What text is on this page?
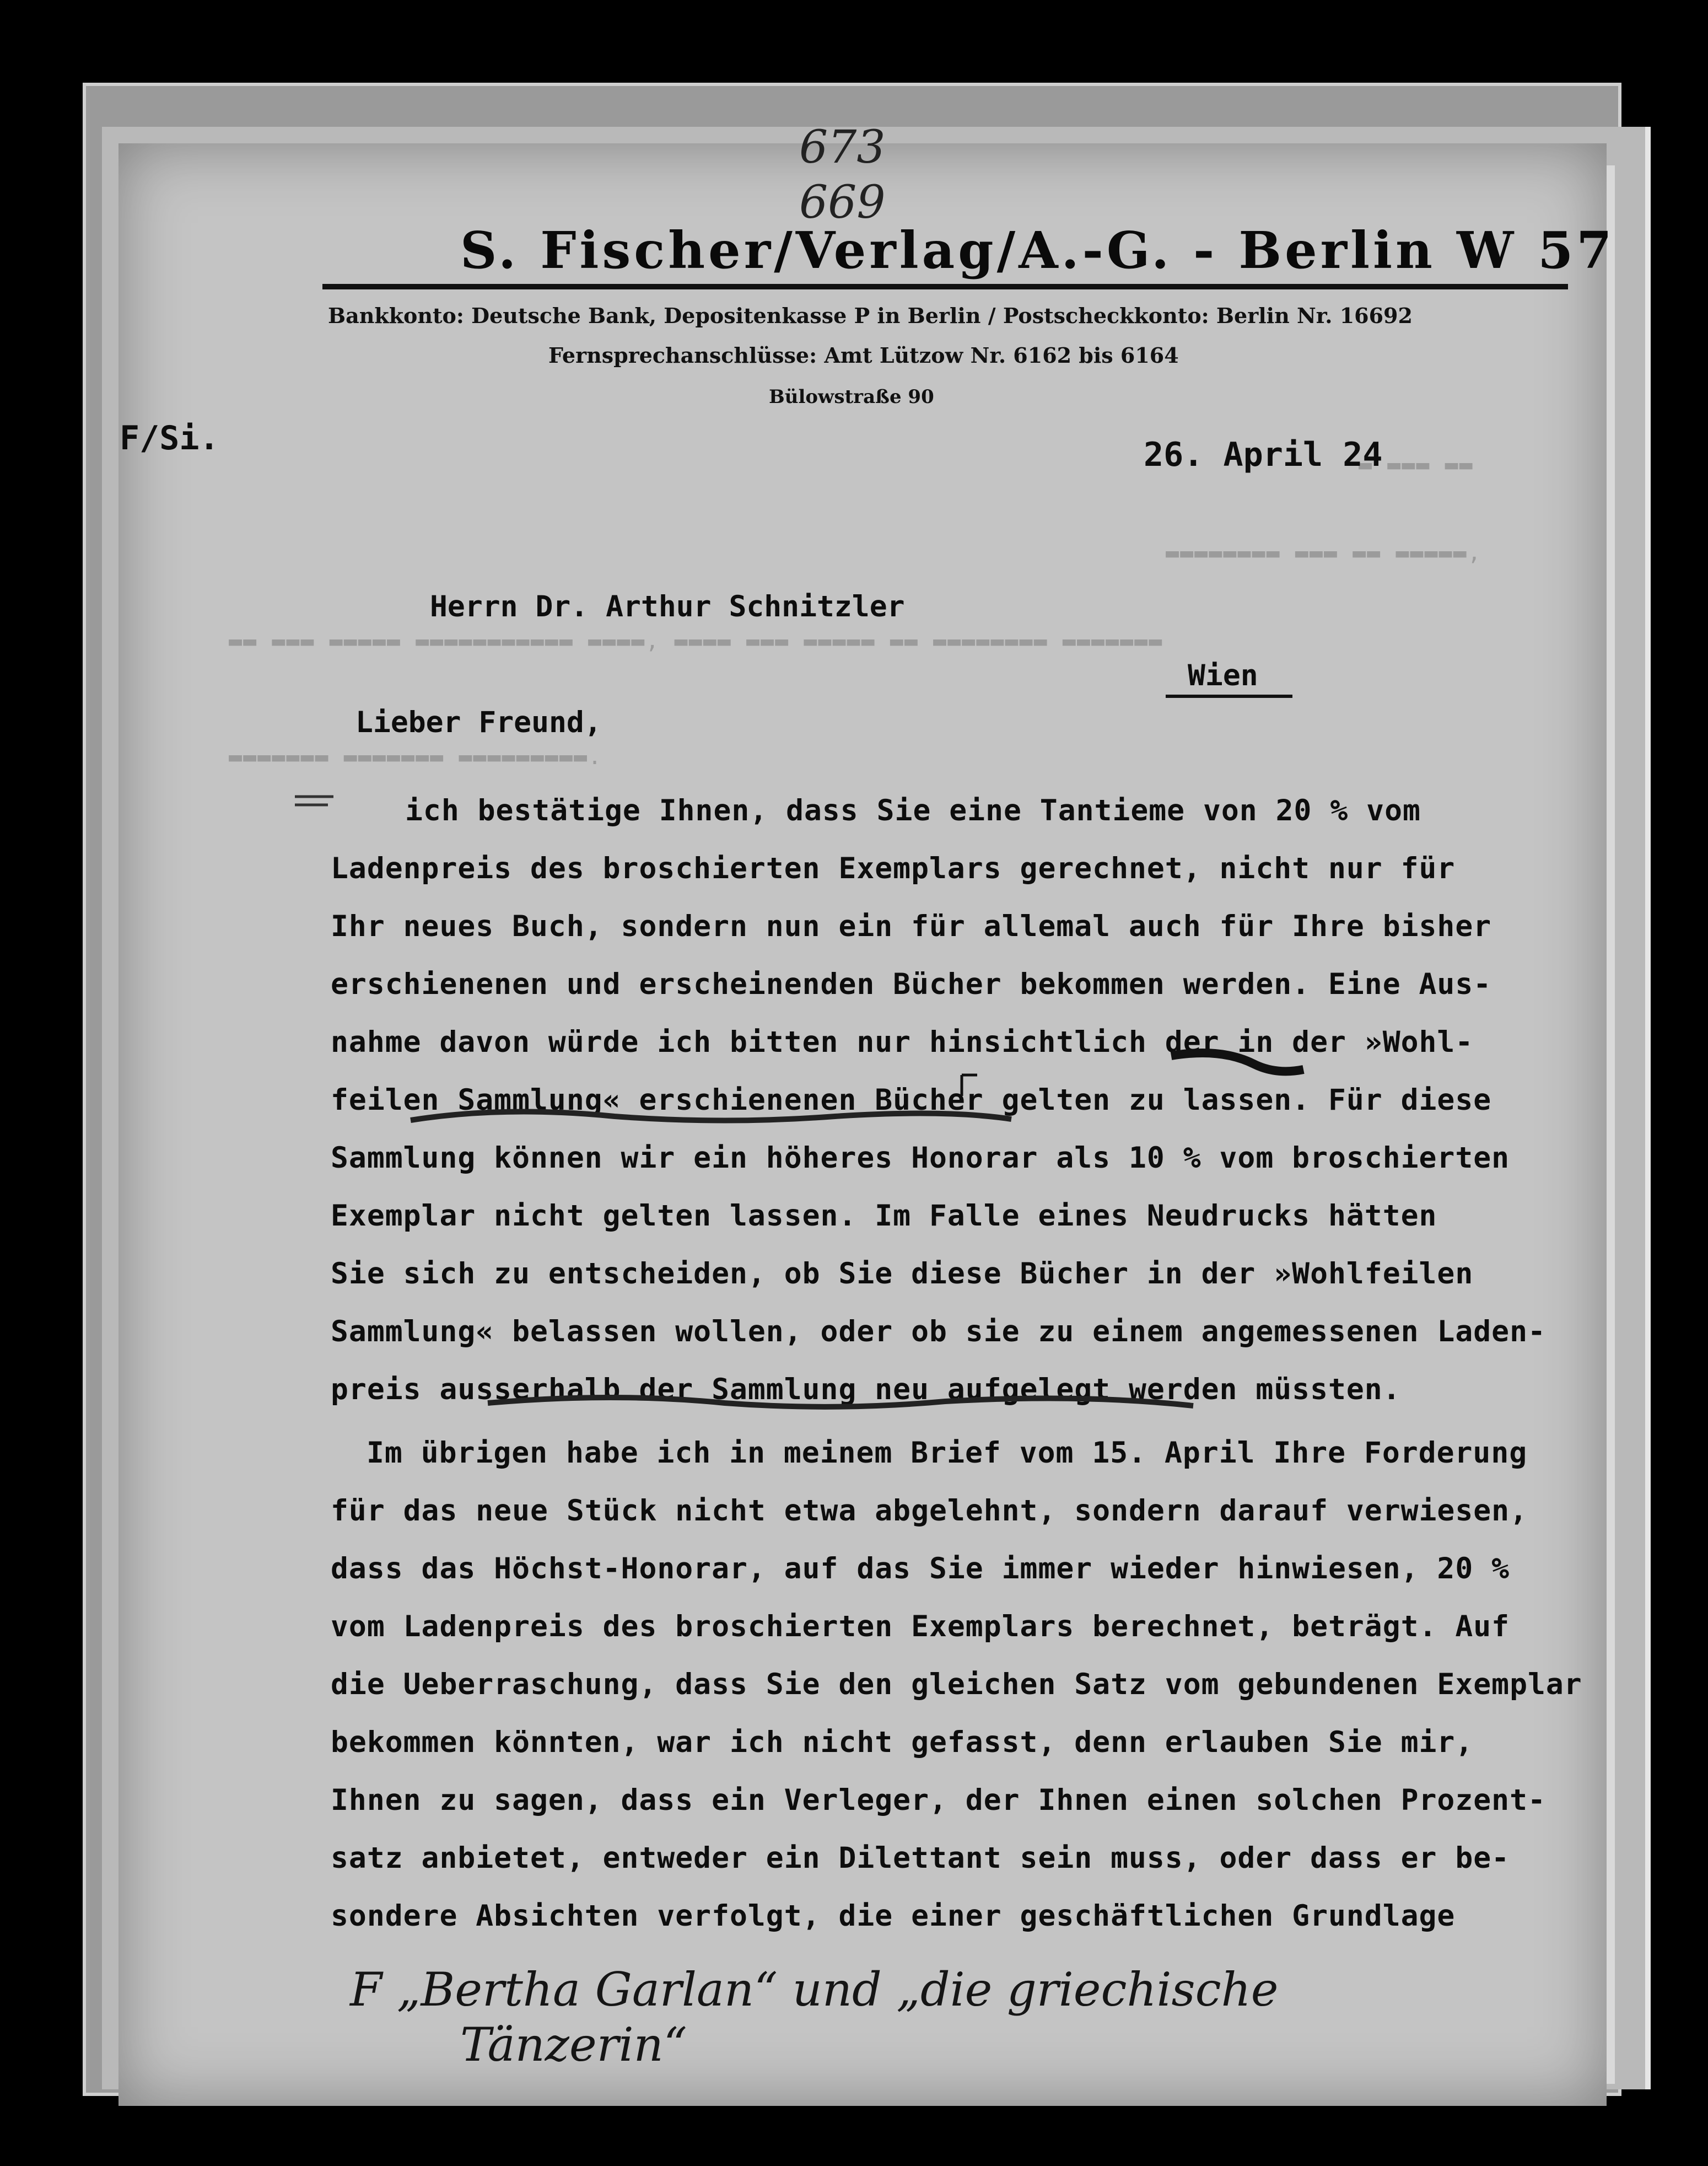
▬ ▬▬▬ ▬▬
▬▬▬▬▬▬▬▬ ▬▬▬ ▬▬ ▬▬▬▬▬,
▬▬ ▬▬▬ ▬▬▬▬▬ ▬▬▬▬▬▬▬▬▬▬▬ ▬▬▬▬, ▬▬▬▬ ▬▬▬ ▬▬▬▬▬ ▬▬ ▬▬▬▬▬▬▬▬ ▬▬▬▬▬▬▬
▬▬▬▬▬▬▬ ▬▬▬▬▬▬▬ ▬▬▬▬▬▬▬▬▬.
673
669
S. Fischer/Verlag/A.-G. - Berlin W 57
Bankkonto: Deutsche Bank, Depositenkasse P in Berlin / Postscheckkonto: Berlin Nr. 16692
Fernsprechanschlüsse: Amt Lützow Nr. 6162 bis 6164
Bülowstraße 90
F/Si.	26. April 24
Herrn Dr. Arthur Schnitzler
Wien
Lieber Freund,
ich bestätige Ihnen, dass Sie eine Tantieme von 20 % vom
Ladenpreis des broschierten Exemplars gerechnet, nicht nur für
Ihr neues Buch, sondern nun ein für allemal auch für Ihre bisher
erschienenen und erscheinenden Bücher bekommen werden. Eine Aus-
nahme davon würde ich bitten nur hinsichtlich der in der »Wohl-
feilen Sammlung« erschienenen Bücher gelten zu lassen. Für diese
Sammlung können wir ein höheres Honorar als 10 % vom broschierten
Exemplar nicht gelten lassen. Im Falle eines Neudrucks hätten
Sie sich zu entscheiden, ob Sie diese Bücher in der »Wohlfeilen
Sammlung« belassen wollen, oder ob sie zu einem angemessenen Laden-
preis ausserhalb der Sammlung neu aufgelegt werden müssten.
Im übrigen habe ich in meinem Brief vom 15. April Ihre Forderung
für das neue Stück nicht etwa abgelehnt, sondern darauf verwiesen,
dass das Höchst-Honorar, auf das Sie immer wieder hinwiesen, 20 %
vom Ladenpreis des broschierten Exemplars berechnet, beträgt. Auf
die Ueberraschung, dass Sie den gleichen Satz vom gebundenen Exemplar
bekommen könnten, war ich nicht gefasst, denn erlauben Sie mir,
Ihnen zu sagen, dass ein Verleger, der Ihnen einen solchen Prozent-
satz anbietet, entweder ein Dilettant sein muss, oder dass er be-
sondere Absichten verfolgt, die einer geschäftlichen Grundlage
F „Bertha Garlan“ und „die griechische
Tänzerin“
